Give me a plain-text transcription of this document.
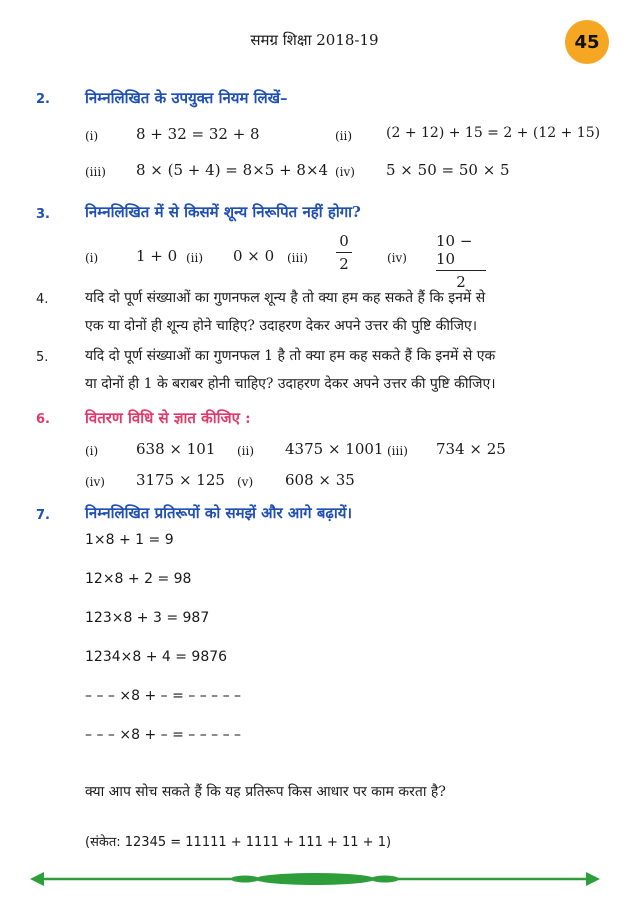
समग्र शिक्षा 2018-19	45
2. निम्नलिखित के उपयुक्त नियम लिखें–
(i)	8 + 32 = 32 + 8	(ii) (2 + 12) + 15 = 2 + (12 + 15)
(iii) 8 × (5 + 4) = 8×5 + 8×4 (iv) 5 × 50 = 50 × 5
3. निम्नलिखित में से किसमें शून्य निरूपित नहीं होगा?
(i)	1 + 0 (ii) 0 × 0 (iii)
0
2	(iv)
10 − 10
2
4.	यदि दो पूर्ण संख्याओं का गुणनफल शून्य है तो क्या हम कह सकते हैं कि इनमें से
एक या दोनों ही शून्य होने चाहिए? उदाहरण देकर अपने उत्तर की पुष्टि कीजिए।
5.	यदि दो पूर्ण संख्याओं का गुणनफल 1 है तो क्या हम कह सकते हैं कि इनमें से एक
या दोनों ही 1 के बराबर होनी चाहिए? उदाहरण देकर अपने उत्तर की पुष्टि कीजिए।
6. वितरण विधि से ज्ञात कीजिए :
(i)	638 × 101 (ii) 4375 × 1001 (iii) 734 × 25
(iv) 3175 × 125 (v) 608 × 35
7. निम्नलिखित प्रतिरूपों को समझें और आगे बढ़ायें।
1×8 + 1 = 9
12×8 + 2 = 98
123×8 + 3 = 987
1234×8 + 4 = 9876
– – – ×8 + – = – – – – –
– – – ×8 + – = – – – – –
क्या आप सोच सकते हैं कि यह प्रतिरूप किस आधार पर काम करता है?
(संकेत: 12345 = 11111 + 1111 + 111 + 11 + 1)
